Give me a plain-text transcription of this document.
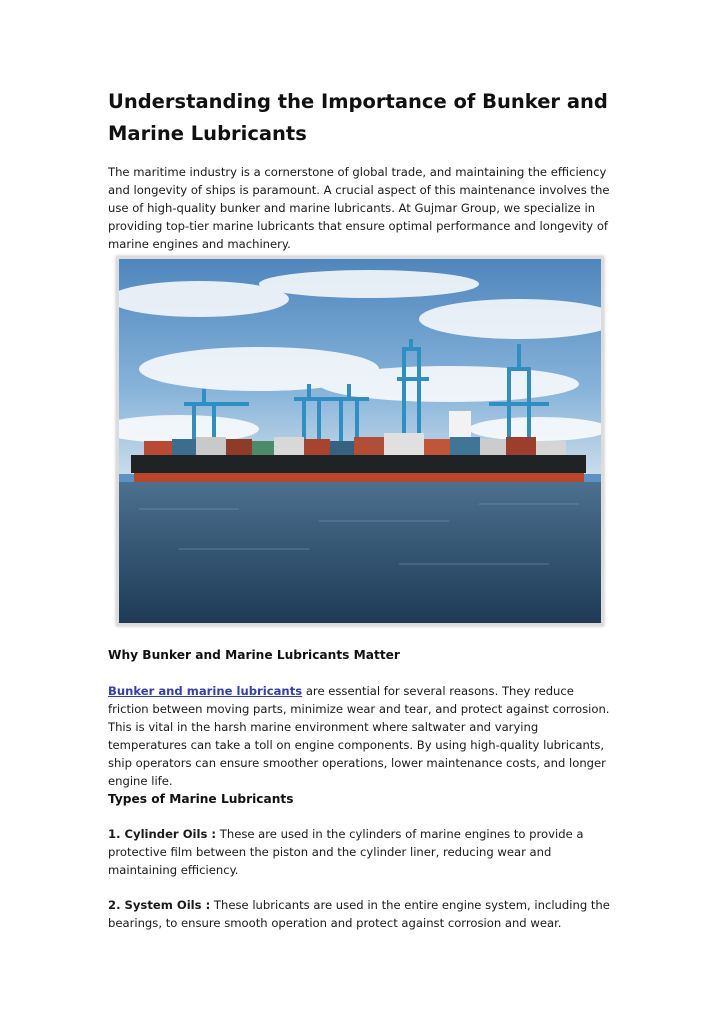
Understanding the Importance of Bunker and Marine Lubricants

The maritime industry is a cornerstone of global trade, and maintaining the efficiency and longevity of ships is paramount. A crucial aspect of this maintenance involves the use of high-quality bunker and marine lubricants. At Gujmar Group, we specialize in providing top-tier marine lubricants that ensure optimal performance and longevity of marine engines and machinery.

Why Bunker and Marine Lubricants Matter

Bunker and marine lubricants are essential for several reasons. They reduce friction between moving parts, minimize wear and tear, and protect against corrosion. This is vital in the harsh marine environment where saltwater and varying temperatures can take a toll on engine components. By using high-quality lubricants, ship operators can ensure smoother operations, lower maintenance costs, and longer engine life.

Types of Marine Lubricants

1. Cylinder Oils : These are used in the cylinders of marine engines to provide a protective film between the piston and the cylinder liner, reducing wear and maintaining efficiency.

2. System Oils : These lubricants are used in the entire engine system, including the bearings, to ensure smooth operation and protect against corrosion and wear.
